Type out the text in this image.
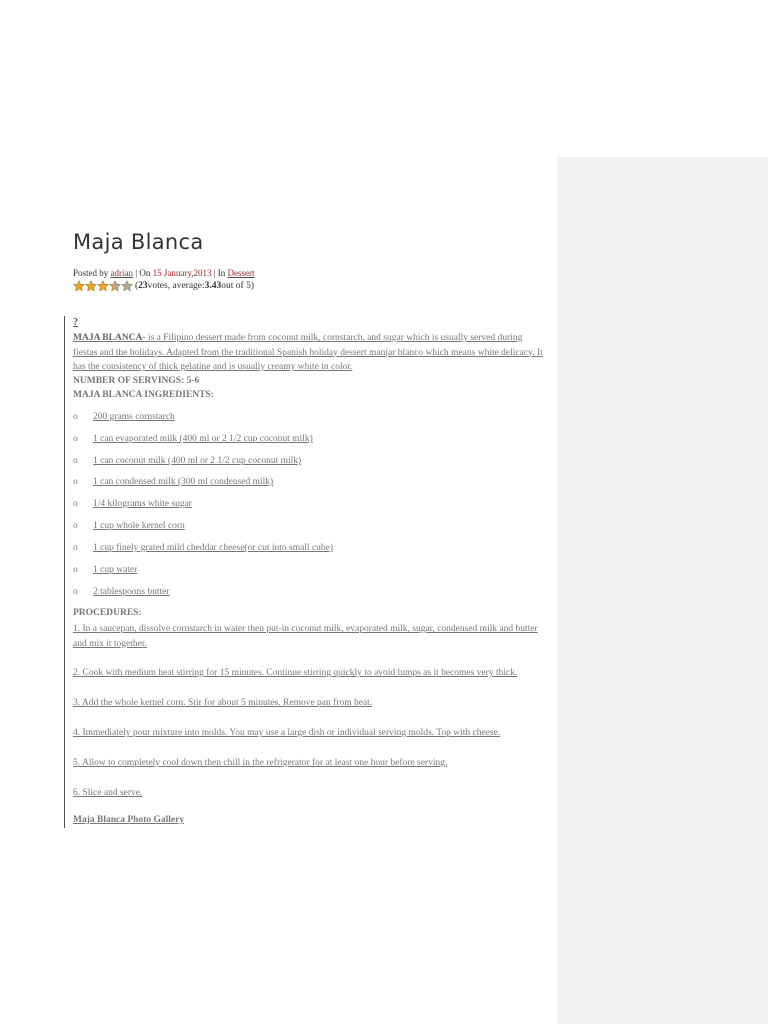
Maja Blanca
Posted by adrian | On 15 January,2013 | In Dessert
( 23 votes, average: 3.43 out of 5)
?
MAJA BLANCA- is a Filipino dessert made from coconut milk, cornstarch, and sugar which is usually served during fiestas and the holidays. Adapted from the traditional Spanish holiday dessert manjar blanco which means white delicacy. It has the consistency of thick gelatine and is usually creamy white in color.
NUMBER OF SERVINGS: 5-6
MAJA BLANCA INGREDIENTS:
o 200 grams cornstarch
o 1 can evaporated milk (400 ml or 2 1/2 cup coconut milk)
o 1 can coconut milk (400 ml or 2 1/2 cup coconut milk)
o 1 can condensed milk (300 ml condensed milk)
o 1/4 kilograms white sugar
o 1 cup whole kernel corn
o 1 cup finely grated mild cheddar cheese(or cut into small cube)
o 1 cup water
o 2 tablespoons butter
PROCEDURES:
1. In a saucepan, dissolve cornstarch in water then put-in coconut milk, evaporated milk, sugar, condensed milk and butter and mix it together.
2. Cook with medium heat stirring for 15 minutes. Continue stirring quickly to avoid lumps as it becomes very thick.
3. Add the whole kernel corn. Stir for about 5 minutes. Remove pan from heat.
4. Immediately pour mixture into molds. You may use a large dish or individual serving molds. Top with cheese.
5. Allow to completely cool down then chill in the refrigerator for at least one hour before serving.
6. Slice and serve.
Maja Blanca Photo Gallery
